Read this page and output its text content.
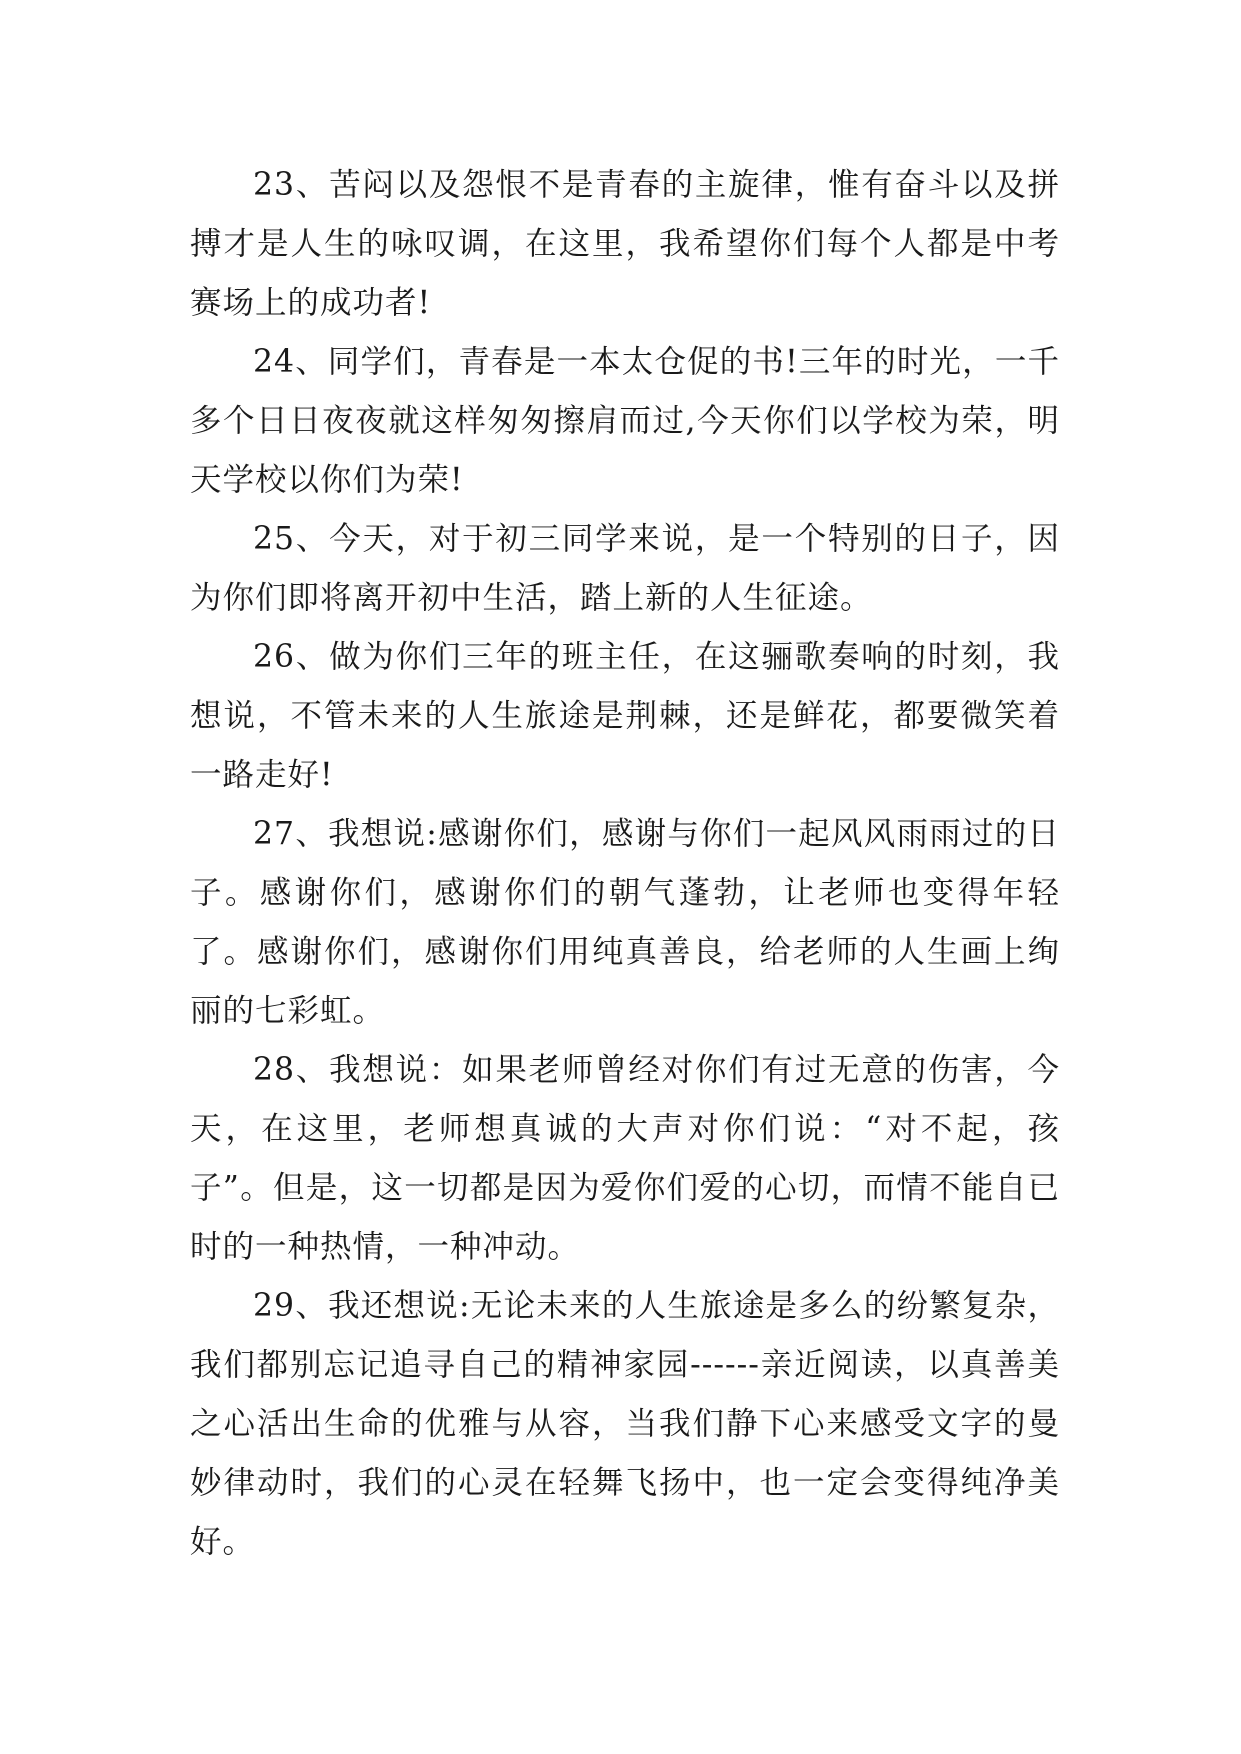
23、苦闷以及怨恨不是青春的主旋律，惟有奋斗以及拼搏才是人生的咏叹调，在这里，我希望你们每个人都是中考赛场上的成功者!

24、同学们，青春是一本太仓促的书!三年的时光，一千多个日日夜夜就这样匆匆擦肩而过,今天你们以学校为荣，明天学校以你们为荣!

25、今天，对于初三同学来说，是一个特别的日子，因为你们即将离开初中生活，踏上新的人生征途。

26、做为你们三年的班主任，在这骊歌奏响的时刻，我想说，不管未来的人生旅途是荆棘，还是鲜花，都要微笑着一路走好!

27、我想说:感谢你们，感谢与你们一起风风雨雨过的日子。感谢你们，感谢你们的朝气蓬勃，让老师也变得年轻了。感谢你们，感谢你们用纯真善良，给老师的人生画上绚丽的七彩虹。

28、我想说：如果老师曾经对你们有过无意的伤害，今天，在这里，老师想真诚的大声对你们说：“对不起，孩子”。但是，这一切都是因为爱你们爱的心切，而情不能自已时的一种热情，一种冲动。

29、我还想说:无论未来的人生旅途是多么的纷繁复杂，我们都别忘记追寻自己的精神家园------亲近阅读，以真善美之心活出生命的优雅与从容，当我们静下心来感受文字的曼妙律动时，我们的心灵在轻舞飞扬中，也一定会变得纯净美好。
